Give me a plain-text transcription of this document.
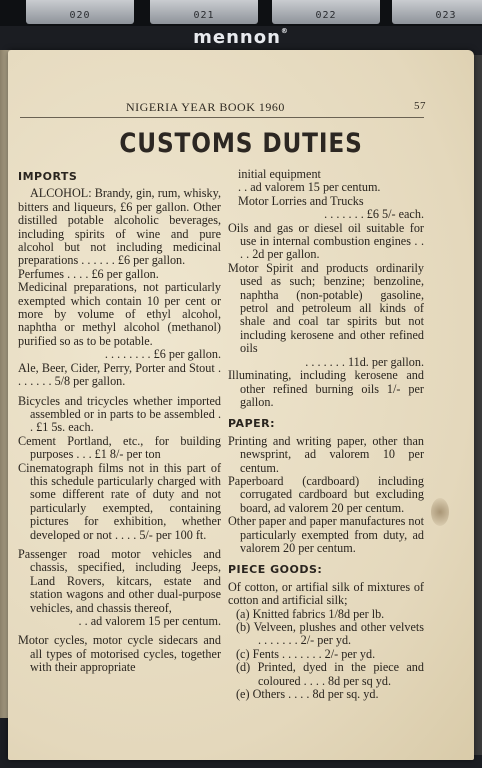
020	021	022	023
mennon®
NIGERIA YEAR BOOK 1960	57
CUSTOMS DUTIES
IMPORTS
ALCOHOL: Brandy, gin, rum, whisky, bitters and liqueurs, £6 per gallon. Other distilled potable alcoholic beverages, including spirits of wine and pure alcohol but not including medicinal preparations . . . . . . £6 per gallon.
Perfumes . . . . £6 per gallon.
Medicinal preparations, not particularly exempted which contain 10 per cent or more by volume of ethyl alcohol, naphtha or methyl alcohol (methanol) purified so as to be potable.
. . . . . . . . £6 per gallon.
Ale, Beer, Cider, Perry, Porter and Stout . . . . . . . 5/8 per gallon.
Bicycles and tricycles whether imported assembled or in parts to be assembled . . £1 5s. each.
Cement Portland, etc., for building purposes . . . £1 8/- per ton
Cinematograph films not in this part of this schedule particularly charged with some different rate of duty and not particularly exempted, containing pictures for exhibition, whether developed or not . . . . 5/- per 100 ft.
Passenger road motor vehicles and chassis, specified, including Jeeps, Land Rovers, kitcars, estate and station wagons and other dual-purpose vehicles, and chassis thereof,
. . ad valorem 15 per centum.
Motor cycles, motor cycle sidecars and all types of motorised cycles, together with their appropriate
initial equipment
. . ad valorem 15 per centum.
Motor Lorries and Trucks
. . . . . . . £6 5/- each.
Oils and gas or diesel oil suitable for use in internal combustion engines . . . . 2d per gallon.
Motor Spirit and products ordinarily used as such; benzine; benzoline, naphtha (non-potable) gasoline, petrol and petroleum all kinds of shale and coal tar spirits but not including kerosene and other refined oils
. . . . . . . 11d. per gallon.
Illuminating, including kerosene and other refined burning oils 1/- per gallon.
PAPER:
Printing and writing paper, other than newsprint, ad valorem 10 per centum.
Paperboard (cardboard) including corrugated cardboard but excluding board, ad valorem 20 per centum.
Other paper and paper manufactures not particularly exempted from duty, ad valorem 20 per centum.
PIECE GOODS:
Of cotton, or artifial silk of mixtures of cotton and artificial silk;
(a) Knitted fabrics 1/8d per lb.
(b) Velveen, plushes and other velvets . . . . . . . 2/- per yd.
(c) Fents . . . . . . . 2/- per yd.
(d) Printed, dyed in the piece and coloured . . . . 8d per sq yd.
(e) Others . . . . 8d per sq. yd.
